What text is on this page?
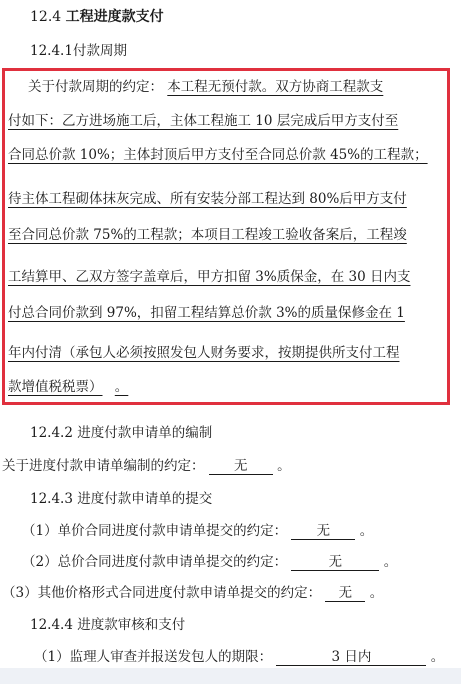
12.4 工程进度款支付
12.4.1付款周期
关于付款周期的约定： 本工程无预付款。双方协商工程款支
付如下：乙方进场施工后，主体工程施工 10 层完成后甲方支付至
合同总价款 10%；主体封顶后甲方支付至合同总价款 45%的工程款；
待主体工程砌体抹灰完成、所有安装分部工程达到 80%后甲方支付
至合同总价款 75%的工程款；本项目工程竣工验收备案后，工程竣
工结算甲、乙双方签字盖章后，甲方扣留 3%质保金，在 30 日内支
付总合同价款到 97%，扣留工程结算总价款 3%的质量保修金在 1
年内付清（承包人必须按照发包人财务要求，按期提供所支付工程
款增值税税票） 。
12.4.2 进度付款申请单的编制
关于进度付款申请单编制的约定： 无 。
12.4.3 进度付款申请单的提交
（1）单价合同进度付款申请单提交的约定： 无 。
（2）总价合同进度付款申请单提交的约定：	无	。
（3）其他价格形式合同进度付款申请单提交的约定： 无 。
12.4.4 进度款审核和支付
（1）监理人审查并报送发包人的期限：	3 日内	。
